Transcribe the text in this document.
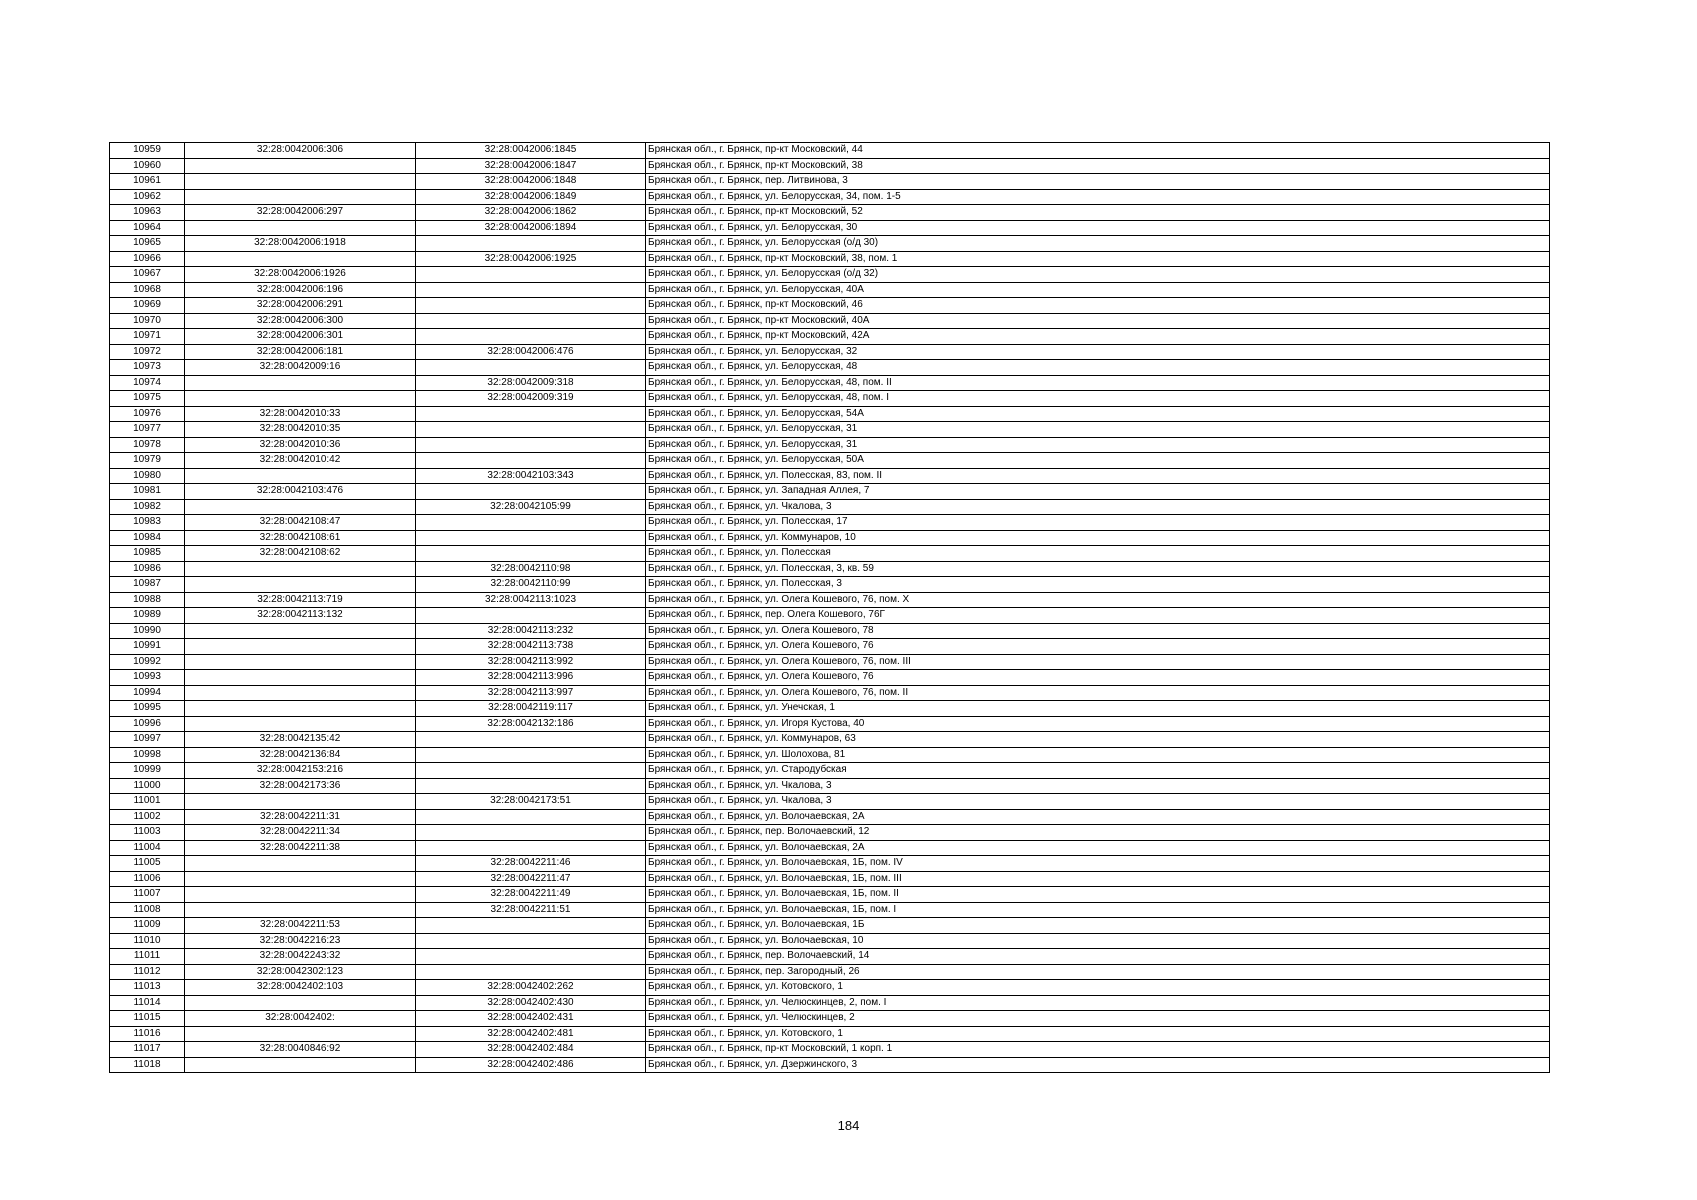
10959	32:28:0042006:306	32:28:0042006:1845	Брянская обл., г. Брянск, пр-кт Московский, 44
10960		32:28:0042006:1847	Брянская обл., г. Брянск, пр-кт Московский, 38
10961		32:28:0042006:1848	Брянская обл., г. Брянск, пер. Литвинова, 3
10962		32:28:0042006:1849	Брянская обл., г. Брянск, ул. Белорусская, 34, пом. 1-5
10963	32:28:0042006:297	32:28:0042006:1862	Брянская обл., г. Брянск, пр-кт Московский, 52
10964		32:28:0042006:1894	Брянская обл., г. Брянск, ул. Белорусская, 30
10965	32:28:0042006:1918		Брянская обл., г. Брянск, ул. Белорусская (о/д 30)
10966		32:28:0042006:1925	Брянская обл., г. Брянск, пр-кт Московский, 38, пом. 1
10967	32:28:0042006:1926		Брянская обл., г. Брянск, ул. Белорусская (о/д 32)
10968	32:28:0042006:196		Брянская обл., г. Брянск, ул. Белорусская, 40А
10969	32:28:0042006:291		Брянская обл., г. Брянск, пр-кт Московский, 46
10970	32:28:0042006:300		Брянская обл., г. Брянск, пр-кт Московский, 40А
10971	32:28:0042006:301		Брянская обл., г. Брянск, пр-кт Московский, 42А
10972	32:28:0042006:181	32:28:0042006:476	Брянская обл., г. Брянск, ул. Белорусская, 32
10973	32:28:0042009:16		Брянская обл., г. Брянск, ул. Белорусская, 48
10974		32:28:0042009:318	Брянская обл., г. Брянск, ул. Белорусская, 48, пом. II
10975		32:28:0042009:319	Брянская обл., г. Брянск, ул. Белорусская, 48, пом. I
10976	32:28:0042010:33		Брянская обл., г. Брянск, ул. Белорусская, 54А
10977	32:28:0042010:35		Брянская обл., г. Брянск, ул. Белорусская, 31
10978	32:28:0042010:36		Брянская обл., г. Брянск, ул. Белорусская, 31
10979	32:28:0042010:42		Брянская обл., г. Брянск, ул. Белорусская, 50А
10980		32:28:0042103:343	Брянская обл., г. Брянск, ул. Полесская, 83, пом. II
10981	32:28:0042103:476		Брянская обл., г. Брянск, ул. Западная Аллея, 7
10982		32:28:0042105:99	Брянская обл., г. Брянск, ул. Чкалова, 3
10983	32:28:0042108:47		Брянская обл., г. Брянск, ул. Полесская, 17
10984	32:28:0042108:61		Брянская обл., г. Брянск, ул. Коммунаров, 10
10985	32:28:0042108:62		Брянская обл., г. Брянск, ул. Полесская
10986		32:28:0042110:98	Брянская обл., г. Брянск, ул. Полесская, 3, кв. 59
10987		32:28:0042110:99	Брянская обл., г. Брянск, ул. Полесская, 3
10988	32:28:0042113:719	32:28:0042113:1023	Брянская обл., г. Брянск, ул. Олега Кошевого, 76, пом. X
10989	32:28:0042113:132		Брянская обл., г. Брянск, пер. Олега Кошевого, 76Г
10990		32:28:0042113:232	Брянская обл., г. Брянск, ул. Олега Кошевого, 78
10991		32:28:0042113:738	Брянская обл., г. Брянск, ул. Олега Кошевого, 76
10992		32:28:0042113:992	Брянская обл., г. Брянск, ул. Олега Кошевого, 76, пом. III
10993		32:28:0042113:996	Брянская обл., г. Брянск, ул. Олега Кошевого, 76
10994		32:28:0042113:997	Брянская обл., г. Брянск, ул. Олега Кошевого, 76, пом. II
10995		32:28:0042119:117	Брянская обл., г. Брянск, ул. Унечская, 1
10996		32:28:0042132:186	Брянская обл., г. Брянск, ул. Игоря Кустова, 40
10997	32:28:0042135:42		Брянская обл., г. Брянск, ул. Коммунаров, 63
10998	32:28:0042136:84		Брянская обл., г. Брянск, ул. Шолохова, 81
10999	32:28:0042153:216		Брянская обл., г. Брянск, ул. Стародубская
11000	32:28:0042173:36		Брянская обл., г. Брянск, ул. Чкалова, 3
11001		32:28:0042173:51	Брянская обл., г. Брянск, ул. Чкалова, 3
11002	32:28:0042211:31		Брянская обл., г. Брянск, ул. Волочаевская, 2А
11003	32:28:0042211:34		Брянская обл., г. Брянск, пер. Волочаевский, 12
11004	32:28:0042211:38		Брянская обл., г. Брянск, ул. Волочаевская, 2А
11005		32:28:0042211:46	Брянская обл., г. Брянск, ул. Волочаевская, 1Б, пом. IV
11006		32:28:0042211:47	Брянская обл., г. Брянск, ул. Волочаевская, 1Б, пом. III
11007		32:28:0042211:49	Брянская обл., г. Брянск, ул. Волочаевская, 1Б, пом. II
11008		32:28:0042211:51	Брянская обл., г. Брянск, ул. Волочаевская, 1Б, пом. I
11009	32:28:0042211:53		Брянская обл., г. Брянск, ул. Волочаевская, 1Б
11010	32:28:0042216:23		Брянская обл., г. Брянск, ул. Волочаевская, 10
11011	32:28:0042243:32		Брянская обл., г. Брянск, пер. Волочаевский, 14
11012	32:28:0042302:123		Брянская обл., г. Брянск, пер. Загородный, 26
11013	32:28:0042402:103	32:28:0042402:262	Брянская обл., г. Брянск, ул. Котовского, 1
11014		32:28:0042402:430	Брянская обл., г. Брянск, ул. Челюскинцев, 2, пом. I
11015	32:28:0042402:	32:28:0042402:431	Брянская обл., г. Брянск, ул. Челюскинцев, 2
11016		32:28:0042402:481	Брянская обл., г. Брянск, ул. Котовского, 1
11017	32:28:0040846:92	32:28:0042402:484	Брянская обл., г. Брянск, пр-кт Московский, 1 корп. 1
11018		32:28:0042402:486	Брянская обл., г. Брянск, ул. Дзержинского, 3
184
